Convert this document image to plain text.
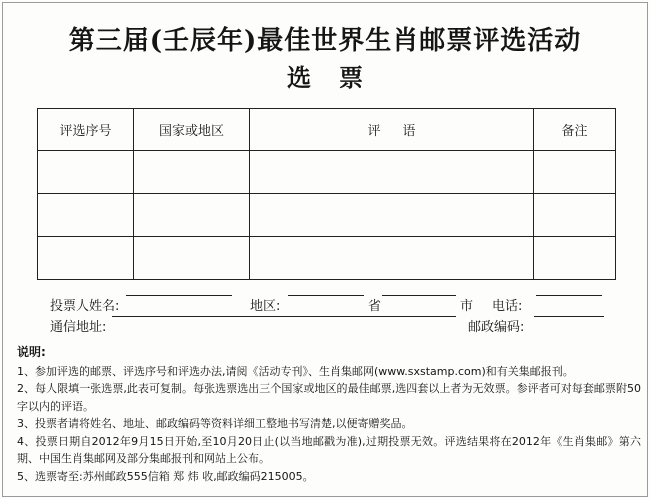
第三届(壬辰年)最佳世界生肖邮票评选活动
选票
评选序号	国家或地区	评语	备注

投票人姓名:	地区:	省	市 电话:
通信地址:	邮政编码:
说明:

1、参加评选的邮票、评选序号和评选办法,请阅《活动专刊》、生肖集邮网(www.sxstamp.com)和有关集邮报刊。

2、每人限填一张选票,此表可复制。每张选票选出三个国家或地区的最佳邮票,选四套以上者为无效票。参评者可对每套邮票附50字以内的评语。

3、投票者请将姓名、地址、邮政编码等资料详细工整地书写清楚,以便寄赠奖品。

4、投票日期自2012年9月15日开始,至10月20日止(以当地邮戳为准),过期投票无效。评选结果将在2012年《生肖集邮》第六期、中国生肖集邮网及部分集邮报刊和网站上公布。

5、选票寄至:苏州邮政555信箱 郑 炜 收,邮政编码215005。
